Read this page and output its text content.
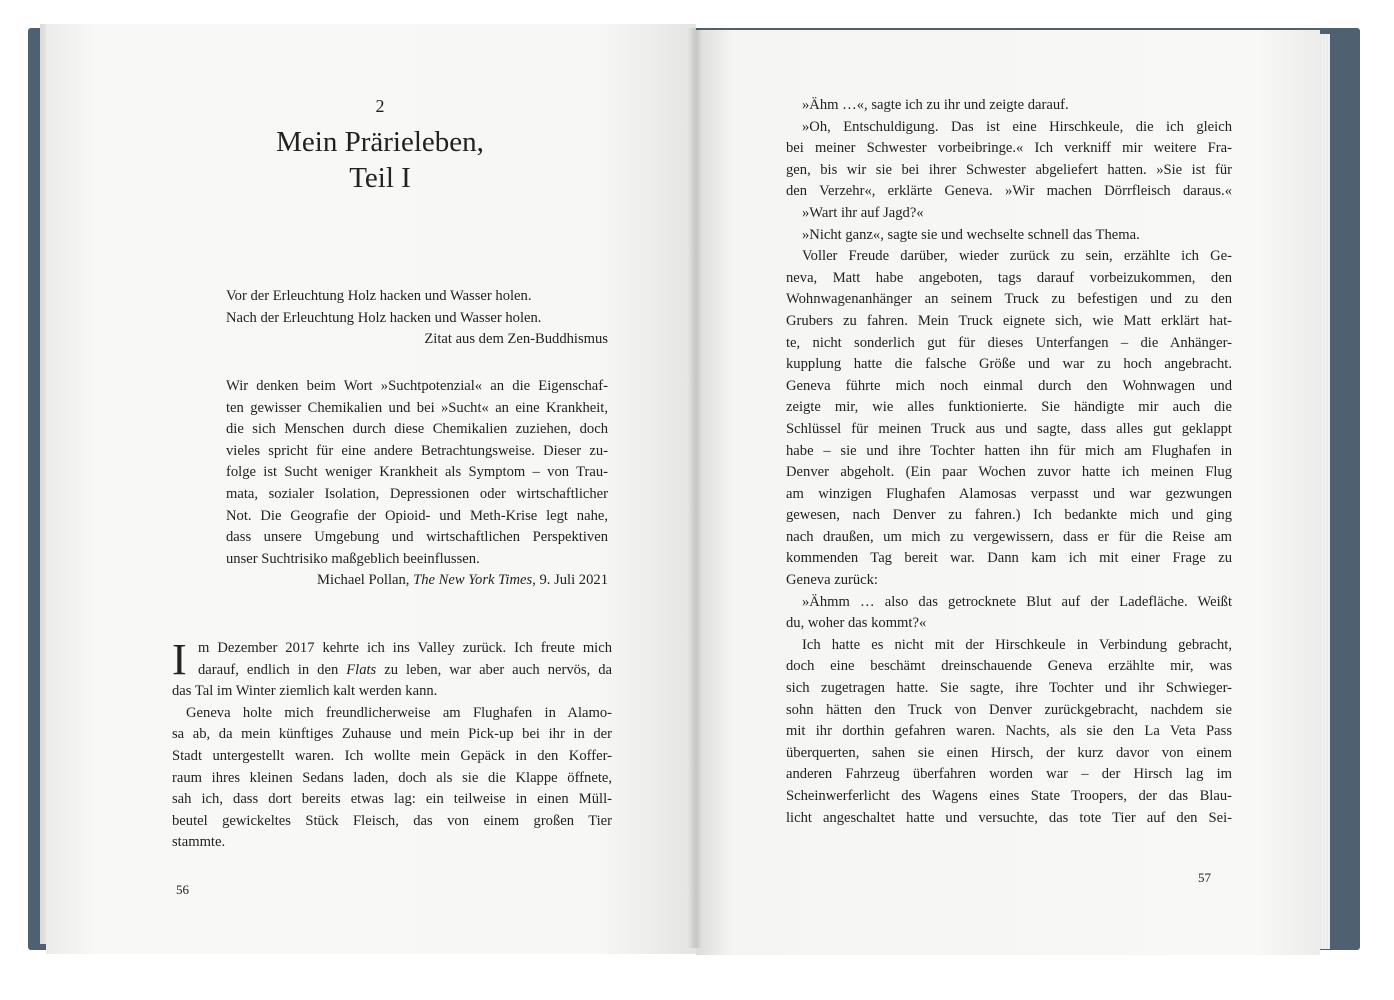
2
Mein Prärieleben,
Teil I
Vor der Erleuchtung Holz hacken und Wasser holen.
Nach der Erleuchtung Holz hacken und Wasser holen.
Zitat aus dem Zen-Buddhismus
Wir denken beim Wort »Suchtpotenzial« an die Eigenschaf-
ten gewisser Chemikalien und bei »Sucht« an eine Krankheit,
die sich Menschen durch diese Chemikalien zuziehen, doch
vieles spricht für eine andere Betrachtungsweise. Dieser zu-
folge ist Sucht weniger Krankheit als Symptom – von Trau-
mata, sozialer Isolation, Depressionen oder wirtschaftlicher
Not. Die Geografie der Opioid- und Meth-Krise legt nahe,
dass unsere Umgebung und wirtschaftlichen Perspektiven
unser Suchtrisiko maßgeblich beeinflussen.
Michael Pollan, The New York Times, 9. Juli 2021
I m Dezember 2017 kehrte ich ins Valley zurück. Ich freute mich
darauf, endlich in den Flats zu leben, war aber auch nervös, da
das Tal im Winter ziemlich kalt werden kann.
Geneva holte mich freundlicherweise am Flughafen in Alamo-
sa ab, da mein künftiges Zuhause und mein Pick-up bei ihr in der
Stadt untergestellt waren. Ich wollte mein Gepäck in den Koffer-
raum ihres kleinen Sedans laden, doch als sie die Klappe öffnete,
sah ich, dass dort bereits etwas lag: ein teilweise in einen Müll-
beutel gewickeltes Stück Fleisch, das von einem großen Tier
stammte.
56
»Ähm …«, sagte ich zu ihr und zeigte darauf.
»Oh, Entschuldigung. Das ist eine Hirschkeule, die ich gleich
bei meiner Schwester vorbeibringe.« Ich verkniff mir weitere Fra-
gen, bis wir sie bei ihrer Schwester abgeliefert hatten. »Sie ist für
den Verzehr«, erklärte Geneva. »Wir machen Dörrfleisch daraus.«
»Wart ihr auf Jagd?«
»Nicht ganz«, sagte sie und wechselte schnell das Thema.
Voller Freude darüber, wieder zurück zu sein, erzählte ich Ge-
neva, Matt habe angeboten, tags darauf vorbeizukommen, den
Wohnwagenanhänger an seinem Truck zu befestigen und zu den
Grubers zu fahren. Mein Truck eignete sich, wie Matt erklärt hat-
te, nicht sonderlich gut für dieses Unterfangen – die Anhänger-
kupplung hatte die falsche Größe und war zu hoch angebracht.
Geneva führte mich noch einmal durch den Wohnwagen und
zeigte mir, wie alles funktionierte. Sie händigte mir auch die
Schlüssel für meinen Truck aus und sagte, dass alles gut geklappt
habe – sie und ihre Tochter hatten ihn für mich am Flughafen in
Denver abgeholt. (Ein paar Wochen zuvor hatte ich meinen Flug
am winzigen Flughafen Alamosas verpasst und war gezwungen
gewesen, nach Denver zu fahren.) Ich bedankte mich und ging
nach draußen, um mich zu vergewissern, dass er für die Reise am
kommenden Tag bereit war. Dann kam ich mit einer Frage zu
Geneva zurück:
»Ähmm … also das getrocknete Blut auf der Ladefläche. Weißt
du, woher das kommt?«
Ich hatte es nicht mit der Hirschkeule in Verbindung gebracht,
doch eine beschämt dreinschauende Geneva erzählte mir, was
sich zugetragen hatte. Sie sagte, ihre Tochter und ihr Schwieger-
sohn hätten den Truck von Denver zurückgebracht, nachdem sie
mit ihr dorthin gefahren waren. Nachts, als sie den La Veta Pass
überquerten, sahen sie einen Hirsch, der kurz davor von einem
anderen Fahrzeug überfahren worden war – der Hirsch lag im
Scheinwerferlicht des Wagens eines State Troopers, der das Blau-
licht angeschaltet hatte und versuchte, das tote Tier auf den Sei-
57
